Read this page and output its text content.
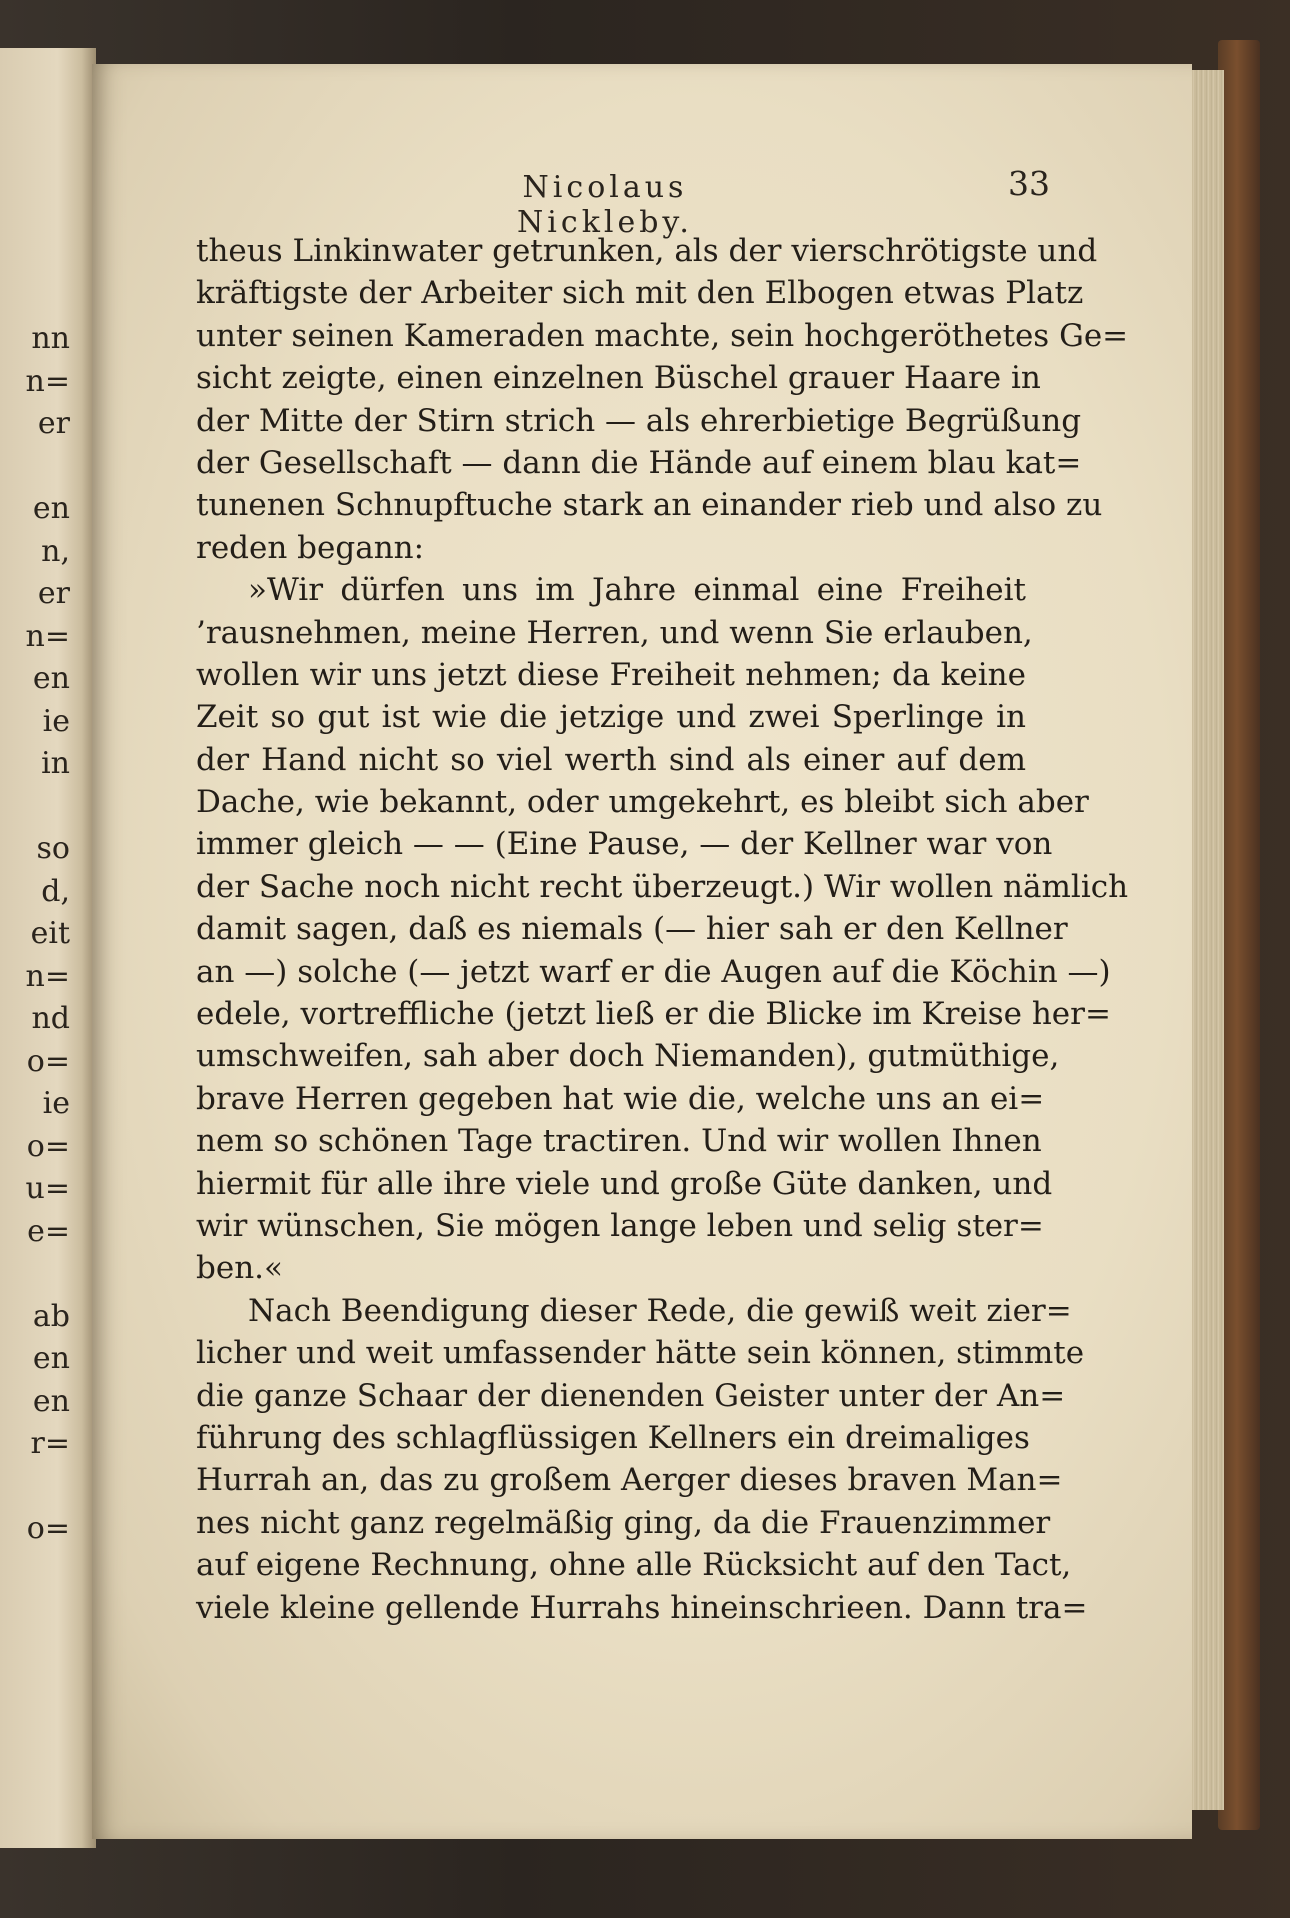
nn
n=
er

en
n,
er
n=
en
ie
in

so
d,
eit
n=
nd
o=
ie
o=
u=
e=

ab
en
en
r=

o=
Nicolaus Nickleby.
33
theus Linkinwater getrunken, als der vierschrötigste und
kräftigste der Arbeiter sich mit den Elbogen etwas Platz
unter seinen Kameraden machte, sein hochgeröthetes Ge=
sicht zeigte, einen einzelnen Büschel grauer Haare in
der Mitte der Stirn strich — als ehrerbietige Begrüßung
der Gesellschaft — dann die Hände auf einem blau kat=
tunenen Schnupftuche stark an einander rieb und also zu
reden begann:
»Wir dürfen uns im Jahre einmal eine Freiheit
’rausnehmen, meine Herren, und wenn Sie erlauben,
wollen wir uns jetzt diese Freiheit nehmen; da keine
Zeit so gut ist wie die jetzige und zwei Sperlinge in
der Hand nicht so viel werth sind als einer auf dem
Dache, wie bekannt, oder umgekehrt, es bleibt sich aber
immer gleich — — (Eine Pause, — der Kellner war von
der Sache noch nicht recht überzeugt.) Wir wollen nämlich
damit sagen, daß es niemals (— hier sah er den Kellner
an —) solche (— jetzt warf er die Augen auf die Köchin —)
edele, vortreffliche (jetzt ließ er die Blicke im Kreise her=
umschweifen, sah aber doch Niemanden), gutmüthige,
brave Herren gegeben hat wie die, welche uns an ei=
nem so schönen Tage tractiren. Und wir wollen Ihnen
hiermit für alle ihre viele und große Güte danken, und
wir wünschen, Sie mögen lange leben und selig ster=
ben.«
Nach Beendigung dieser Rede, die gewiß weit zier=
licher und weit umfassender hätte sein können, stimmte
die ganze Schaar der dienenden Geister unter der An=
führung des schlagflüssigen Kellners ein dreimaliges
Hurrah an, das zu großem Aerger dieses braven Man=
nes nicht ganz regelmäßig ging, da die Frauenzimmer
auf eigene Rechnung, ohne alle Rücksicht auf den Tact,
viele kleine gellende Hurrahs hineinschrieen. Dann tra=
